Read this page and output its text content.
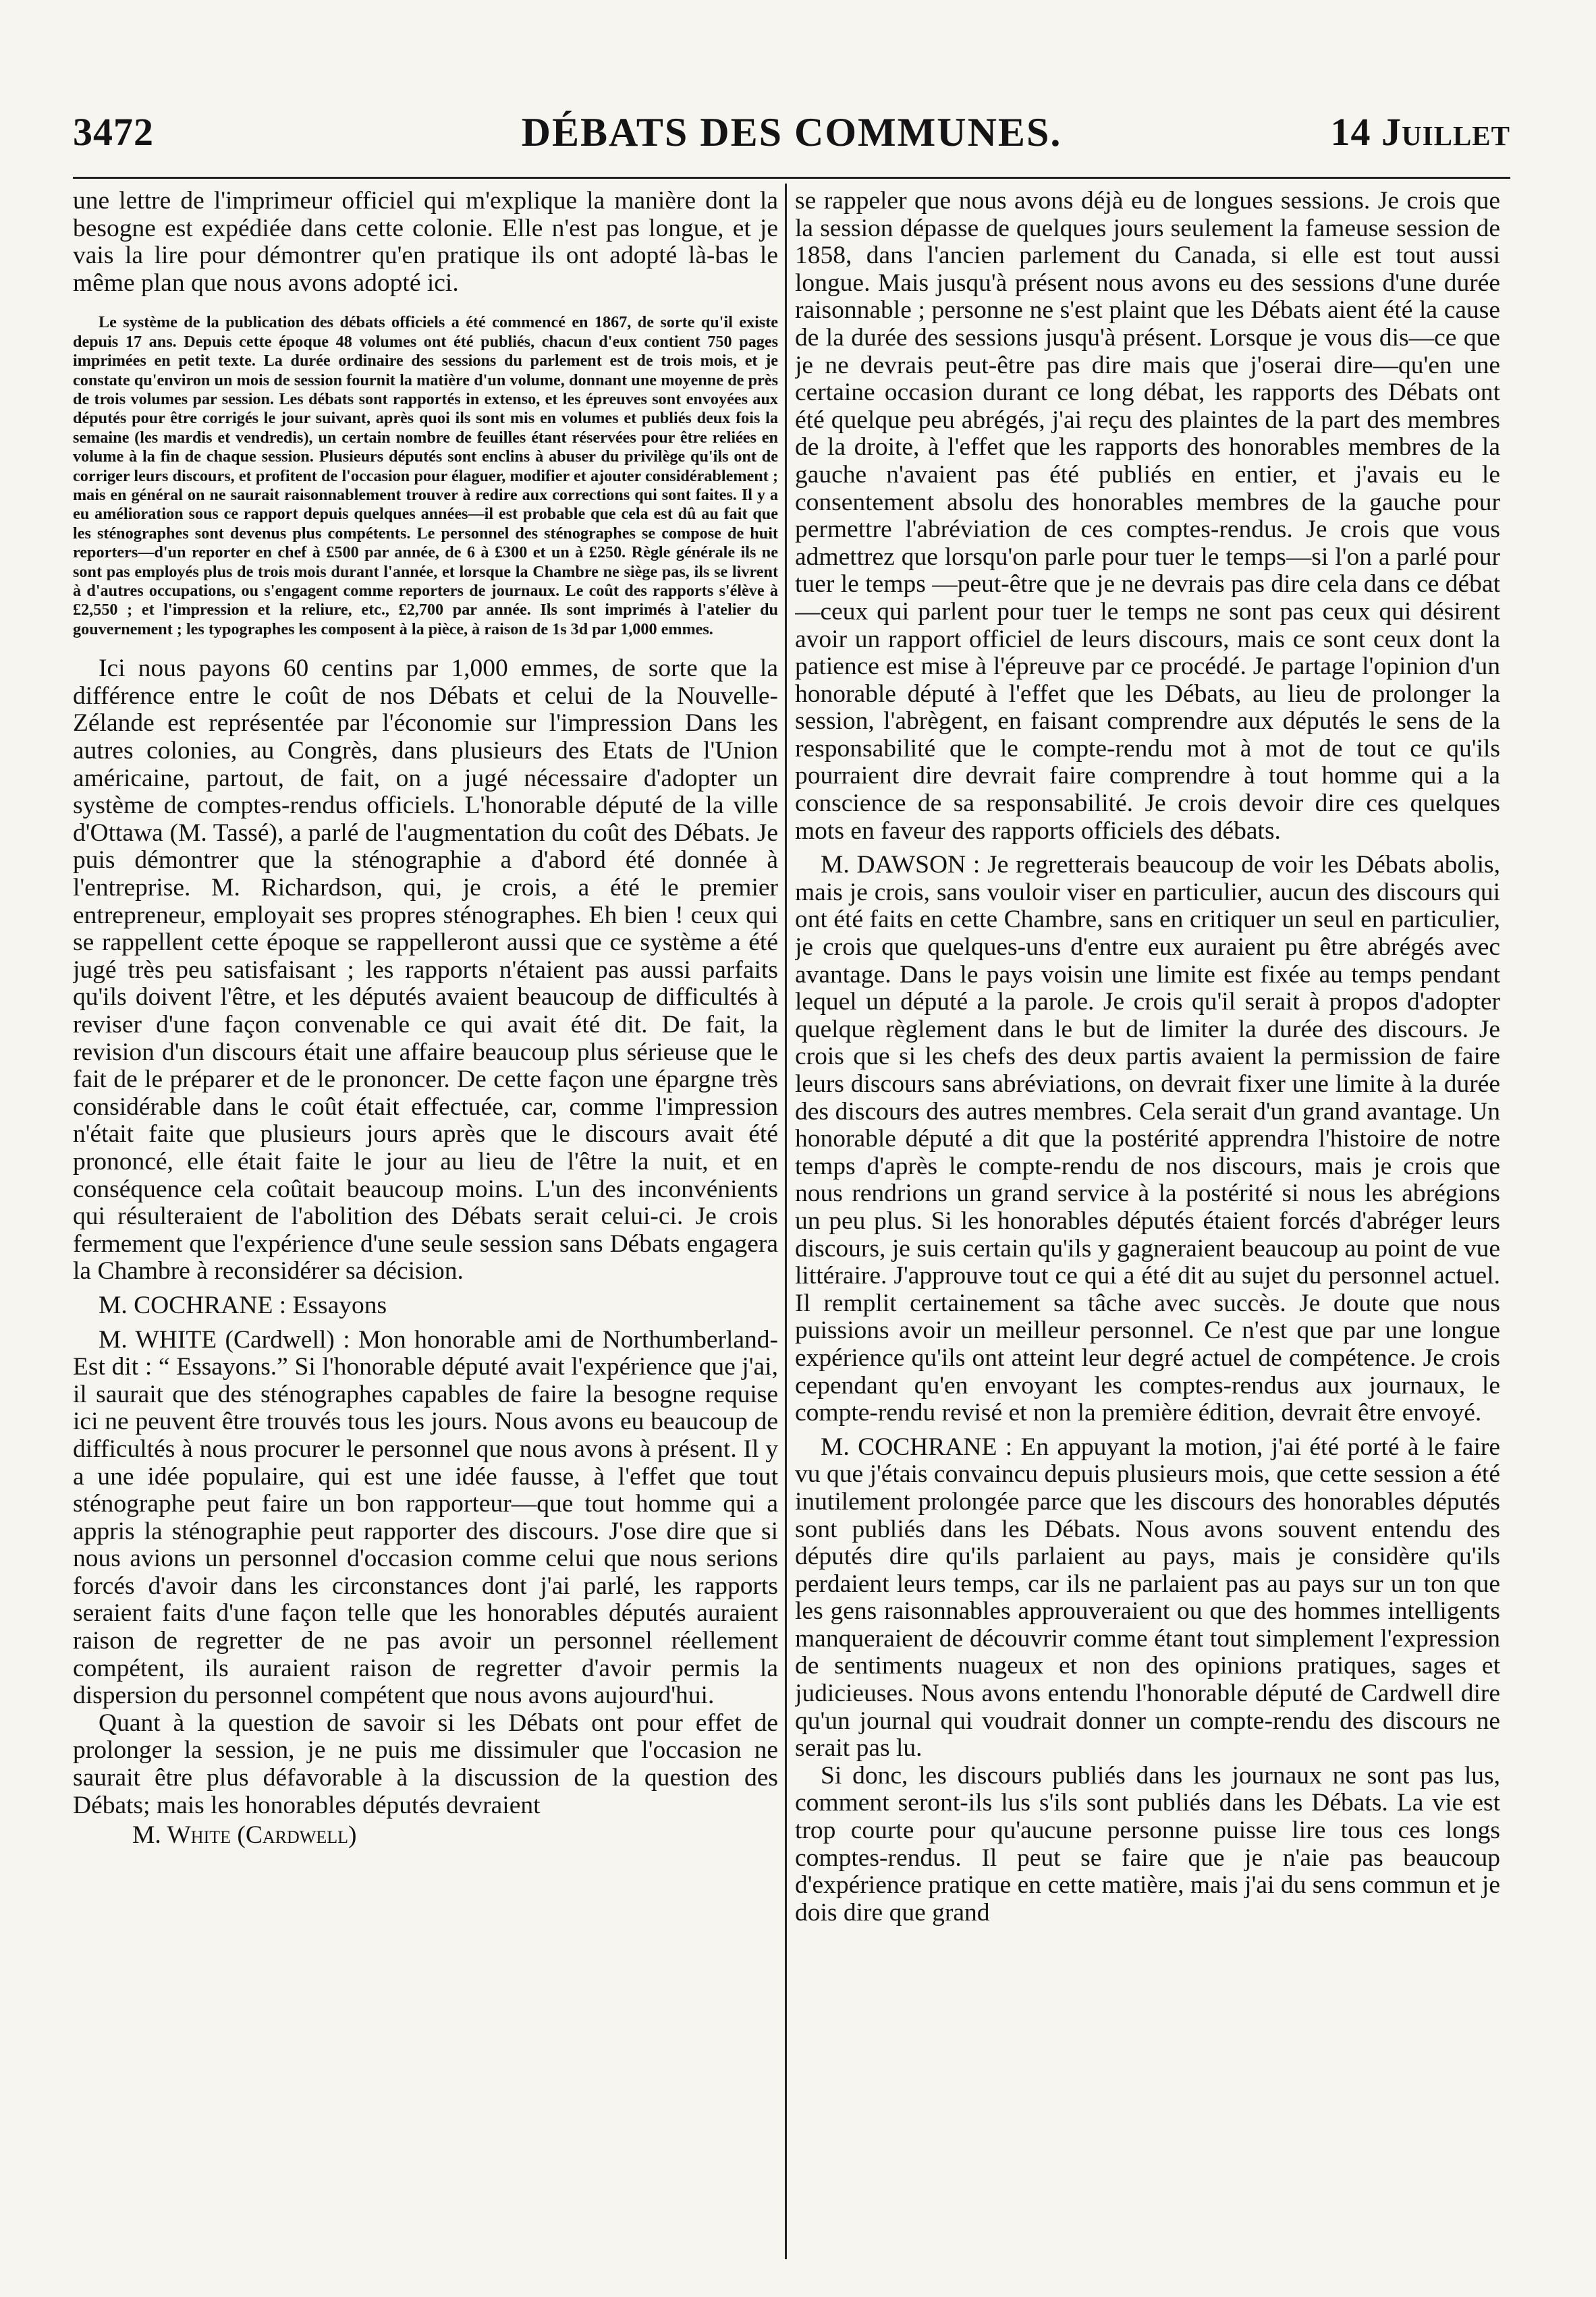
3472	DÉBATS DES COMMUNES.	14 Juillet

une lettre de l'imprimeur officiel qui m'explique la manière dont la besogne est expédiée dans cette colonie. Elle n'est pas longue, et je vais la lire pour démontrer qu'en pratique ils ont adopté là-bas le même plan que nous avons adopté ici.

Le système de la publication des débats officiels a été commencé en 1867, de sorte qu'il existe depuis 17 ans. Depuis cette époque 48 volumes ont été publiés, chacun d'eux contient 750 pages imprimées en petit texte. La durée ordinaire des sessions du parlement est de trois mois, et je constate qu'environ un mois de session fournit la matière d'un volume, donnant une moyenne de près de trois volumes par session. Les débats sont rapportés in extenso, et les épreuves sont envoyées aux députés pour être corrigés le jour suivant, après quoi ils sont mis en volumes et publiés deux fois la semaine (les mardis et vendredis), un certain nombre de feuilles étant réservées pour être reliées en volume à la fin de chaque session. Plusieurs députés sont enclins à abuser du privilège qu'ils ont de corriger leurs discours, et profitent de l'occasion pour élaguer, modifier et ajouter considérablement ; mais en général on ne saurait raisonnablement trouver à redire aux corrections qui sont faites. Il y a eu amélioration sous ce rapport depuis quelques années—il est probable que cela est dû au fait que les sténographes sont devenus plus compétents. Le personnel des sténographes se compose de huit reporters—d'un reporter en chef à £500 par année, de 6 à £300 et un à £250. Règle générale ils ne sont pas employés plus de trois mois durant l'année, et lorsque la Chambre ne siège pas, ils se livrent à d'autres occupations, ou s'engagent comme reporters de journaux. Le coût des rapports s'élève à £2,550 ; et l'impression et la reliure, etc., £2,700 par année. Ils sont imprimés à l'atelier du gouvernement ; les typographes les composent à la pièce, à raison de 1s 3d par 1,000 emmes.

Ici nous payons 60 centins par 1,000 emmes, de sorte que la différence entre le coût de nos Débats et celui de la Nouvelle-Zélande est représentée par l'économie sur l'impression Dans les autres colonies, au Congrès, dans plusieurs des Etats de l'Union américaine, partout, de fait, on a jugé nécessaire d'adopter un système de comptes-rendus officiels. L'honorable député de la ville d'Ottawa (M. Tassé), a parlé de l'augmentation du coût des Débats. Je puis démontrer que la sténographie a d'abord été donnée à l'entreprise. M. Richardson, qui, je crois, a été le premier entrepreneur, employait ses propres sténographes. Eh bien ! ceux qui se rappellent cette époque se rappelleront aussi que ce système a été jugé très peu satisfaisant ; les rapports n'étaient pas aussi parfaits qu'ils doivent l'être, et les députés avaient beaucoup de difficultés à reviser d'une façon convenable ce qui avait été dit. De fait, la revision d'un discours était une affaire beaucoup plus sérieuse que le fait de le préparer et de le prononcer. De cette façon une épargne très considérable dans le coût était effectuée, car, comme l'impression n'était faite que plusieurs jours après que le discours avait été prononcé, elle était faite le jour au lieu de l'être la nuit, et en conséquence cela coûtait beaucoup moins. L'un des inconvénients qui résulteraient de l'abolition des Débats serait celui-ci. Je crois fermement que l'expérience d'une seule session sans Débats engagera la Chambre à reconsidérer sa décision.

M. COCHRANE : Essayons

M. WHITE (Cardwell) : Mon honorable ami de Northumberland-Est dit : “ Essayons.” Si l'honorable député avait l'expérience que j'ai, il saurait que des sténographes capables de faire la besogne requise ici ne peuvent être trouvés tous les jours. Nous avons eu beaucoup de difficultés à nous procurer le personnel que nous avons à présent. Il y a une idée populaire, qui est une idée fausse, à l'effet que tout sténographe peut faire un bon rapporteur—que tout homme qui a appris la sténographie peut rapporter des discours. J'ose dire que si nous avions un personnel d'occasion comme celui que nous serions forcés d'avoir dans les circonstances dont j'ai parlé, les rapports seraient faits d'une façon telle que les honorables députés auraient raison de regretter de ne pas avoir un personnel réellement compétent, ils auraient raison de regretter d'avoir permis la dispersion du personnel compétent que nous avons aujourd'hui.

Quant à la question de savoir si les Débats ont pour effet de prolonger la session, je ne puis me dissimuler que l'occasion ne saurait être plus défavorable à la discussion de la question des Débats; mais les honorables députés devraient

M. White (Cardwell)

se rappeler que nous avons déjà eu de longues sessions. Je crois que la session dépasse de quelques jours seulement la fameuse session de 1858, dans l'ancien parlement du Canada, si elle est tout aussi longue. Mais jusqu'à présent nous avons eu des sessions d'une durée raisonnable ; personne ne s'est plaint que les Débats aient été la cause de la durée des sessions jusqu'à présent. Lorsque je vous dis—ce que je ne devrais peut-être pas dire mais que j'oserai dire—qu'en une certaine occasion durant ce long débat, les rapports des Débats ont été quelque peu abrégés, j'ai reçu des plaintes de la part des membres de la droite, à l'effet que les rapports des honorables membres de la gauche n'avaient pas été publiés en entier, et j'avais eu le consentement absolu des honorables membres de la gauche pour permettre l'abréviation de ces comptes-rendus. Je crois que vous admettrez que lorsqu'on parle pour tuer le temps—si l'on a parlé pour tuer le temps —peut-être que je ne devrais pas dire cela dans ce débat—ceux qui parlent pour tuer le temps ne sont pas ceux qui désirent avoir un rapport officiel de leurs discours, mais ce sont ceux dont la patience est mise à l'épreuve par ce procédé. Je partage l'opinion d'un honorable député à l'effet que les Débats, au lieu de prolonger la session, l'abrègent, en faisant comprendre aux députés le sens de la responsabilité que le compte-rendu mot à mot de tout ce qu'ils pourraient dire devrait faire comprendre à tout homme qui a la conscience de sa responsabilité. Je crois devoir dire ces quelques mots en faveur des rapports officiels des débats.

M. DAWSON : Je regretterais beaucoup de voir les Débats abolis, mais je crois, sans vouloir viser en particulier, aucun des discours qui ont été faits en cette Chambre, sans en critiquer un seul en particulier, je crois que quelques-uns d'entre eux auraient pu être abrégés avec avantage. Dans le pays voisin une limite est fixée au temps pendant lequel un député a la parole. Je crois qu'il serait à propos d'adopter quelque règlement dans le but de limiter la durée des discours. Je crois que si les chefs des deux partis avaient la permission de faire leurs discours sans abréviations, on devrait fixer une limite à la durée des discours des autres membres. Cela serait d'un grand avantage. Un honorable député a dit que la postérité apprendra l'histoire de notre temps d'après le compte-rendu de nos discours, mais je crois que nous rendrions un grand service à la postérité si nous les abrégions un peu plus. Si les honorables députés étaient forcés d'abréger leurs discours, je suis certain qu'ils y gagneraient beaucoup au point de vue littéraire. J'approuve tout ce qui a été dit au sujet du personnel actuel. Il remplit certainement sa tâche avec succès. Je doute que nous puissions avoir un meilleur personnel. Ce n'est que par une longue expérience qu'ils ont atteint leur degré actuel de compétence. Je crois cependant qu'en envoyant les comptes-rendus aux journaux, le compte-rendu revisé et non la première édition, devrait être envoyé.

M. COCHRANE : En appuyant la motion, j'ai été porté à le faire vu que j'étais convaincu depuis plusieurs mois, que cette session a été inutilement prolongée parce que les discours des honorables députés sont publiés dans les Débats. Nous avons souvent entendu des députés dire qu'ils parlaient au pays, mais je considère qu'ils perdaient leurs temps, car ils ne parlaient pas au pays sur un ton que les gens raisonnables approuveraient ou que des hommes intelligents manqueraient de découvrir comme étant tout simplement l'expression de sentiments nuageux et non des opinions pratiques, sages et judicieuses. Nous avons entendu l'honorable député de Cardwell dire qu'un journal qui voudrait donner un compte-rendu des discours ne serait pas lu.

Si donc, les discours publiés dans les journaux ne sont pas lus, comment seront-ils lus s'ils sont publiés dans les Débats. La vie est trop courte pour qu'aucune personne puisse lire tous ces longs comptes-rendus. Il peut se faire que je n'aie pas beaucoup d'expérience pratique en cette matière, mais j'ai du sens commun et je dois dire que grand
